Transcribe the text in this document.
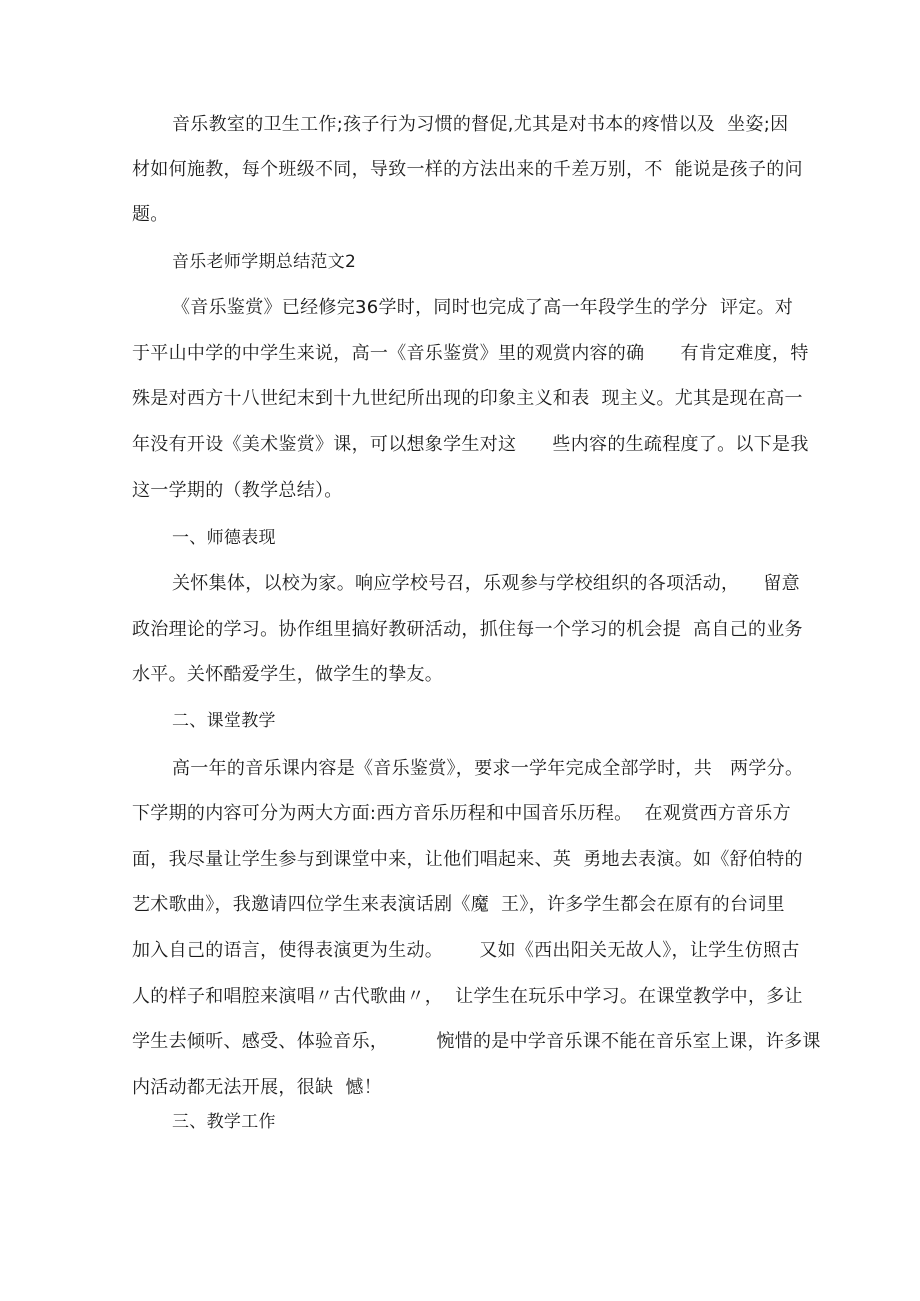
音乐教室的卫生工作;孩子行为习惯的督促,尤其是对书本的疼惜以及  坐姿;因
材如何施教，每个班级不同，导致一样的方法出来的千差万别，不  能说是孩子的问
题。
音乐老师学期总结范文2
《音乐鉴赏》已经修完36学时，同时也完成了高一年段学生的学分  评定。对
于平山中学的中学生来说，高一《音乐鉴赏》里的观赏内容的确      有肯定难度，特
殊是对西方十八世纪末到十九世纪所出现的印象主义和表  现主义。尤其是现在高一
年没有开设《美术鉴赏》课，可以想象学生对这      些内容的生疏程度了。以下是我
这一学期的（教学总结）。
一、师德表现
关怀集体，以校为家。响应学校号召，乐观参与学校组织的各项活动，    留意
政治理论的学习。协作组里搞好教研活动，抓住每一个学习的机会提  高自己的业务
水平。关怀酷爱学生，做学生的挚友。
二、课堂教学
高一年的音乐课内容是《音乐鉴赏》，要求一学年完成全部学时，共   两学分。
下学期的内容可分为两大方面:西方音乐历程和中国音乐历程。  在观赏西方音乐方
面，我尽量让学生参与到课堂中来，让他们唱起来、英  勇地去表演。如《舒伯特的
艺术歌曲》，我邀请四位学生来表演话剧《魔  王》，许多学生都会在原有的台词里
加入自己的语言，使得表演更为生动。      又如《西出阳关无故人》，让学生仿照古
人的样子和唱腔来演唱〃古代歌曲〃，  让学生在玩乐中学习。在课堂教学中，多让
学生去倾听、感受、体验音乐，        惋惜的是中学音乐课不能在音乐室上课，许多课
内活动都无法开展，很缺  憾！
三、教学工作
